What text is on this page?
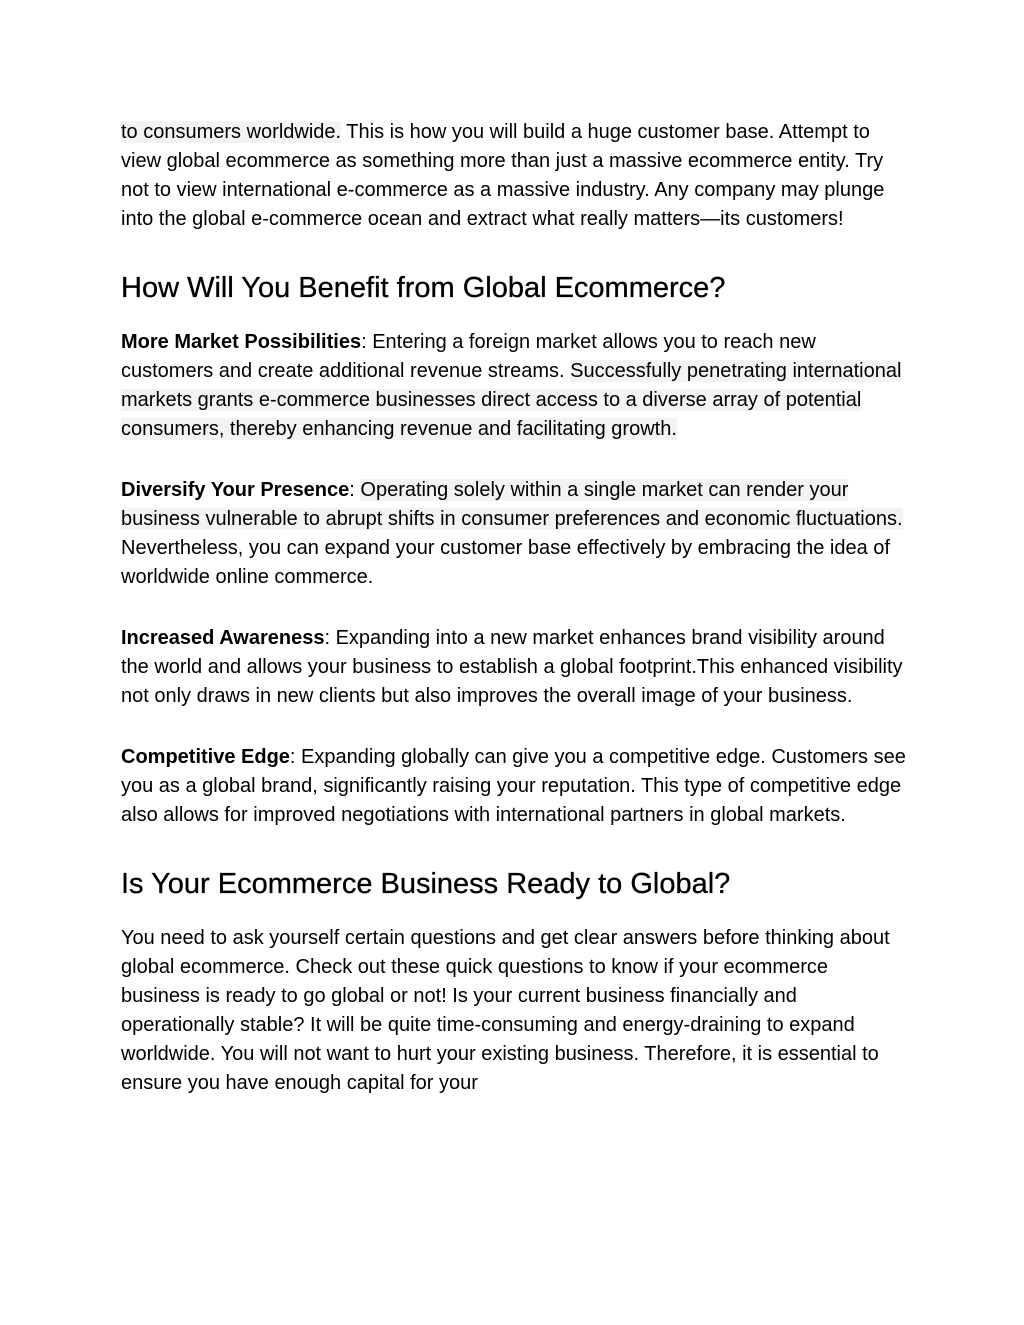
to consumers worldwide. This is how you will build a huge customer base. Attempt to view global ecommerce as something more than just a massive ecommerce entity. Try not to view international e-commerce as a massive industry. Any company may plunge into the global e-commerce ocean and extract what really matters—its customers!

How Will You Benefit from Global Ecommerce?

More Market Possibilities: Entering a foreign market allows you to reach new customers and create additional revenue streams. Successfully penetrating international markets grants e-commerce businesses direct access to a diverse array of potential consumers, thereby enhancing revenue and facilitating growth.

Diversify Your Presence: Operating solely within a single market can render your business vulnerable to abrupt shifts in consumer preferences and economic fluctuations. Nevertheless, you can expand your customer base effectively by embracing the idea of worldwide online commerce.

Increased Awareness: Expanding into a new market enhances brand visibility around the world and allows your business to establish a global footprint.This enhanced visibility not only draws in new clients but also improves the overall image of your business.

Competitive Edge: Expanding globally can give you a competitive edge. Customers see you as a global brand, significantly raising your reputation. This type of competitive edge also allows for improved negotiations with international partners in global markets.

Is Your Ecommerce Business Ready to Global?

You need to ask yourself certain questions and get clear answers before thinking about global ecommerce. Check out these quick questions to know if your ecommerce business is ready to go global or not! Is your current business financially and operationally stable? It will be quite time-consuming and energy-draining to expand worldwide. You will not want to hurt your existing business. Therefore, it is essential to ensure you have enough capital for your
